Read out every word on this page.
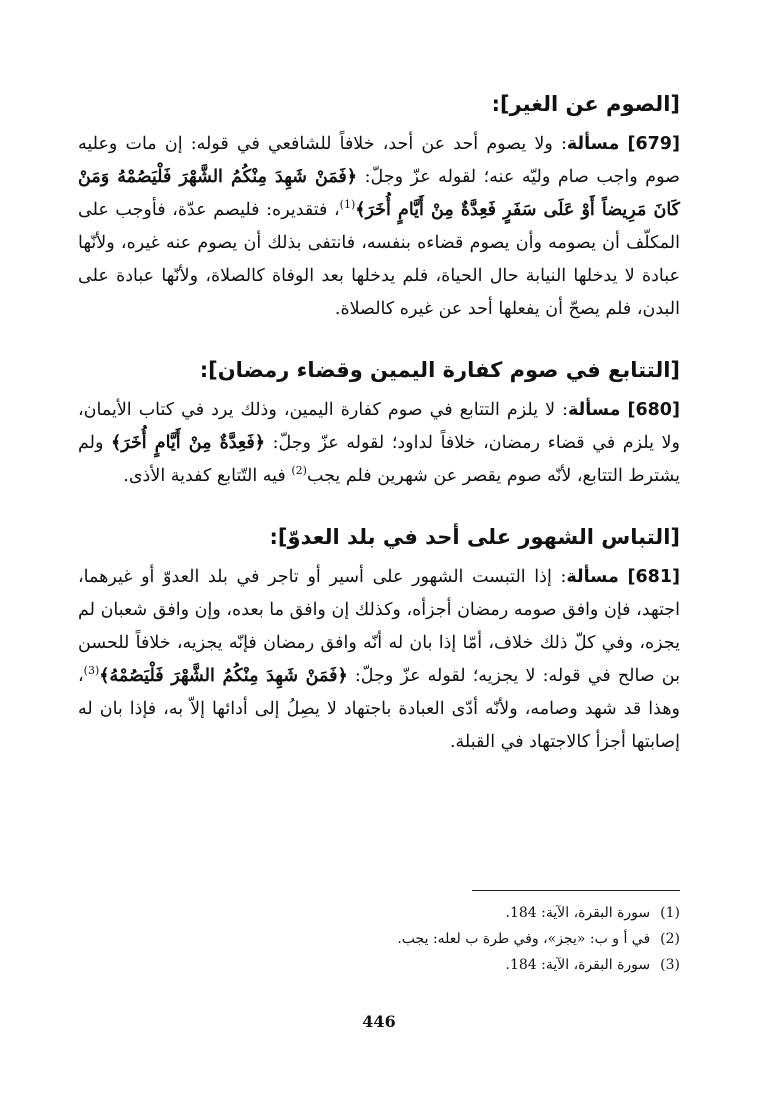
[الصوم عن الغير]:

[679] مسألة: ولا يصوم أحد عن أحد، خلافاً للشافعي في قوله: إن مات وعليه صوم واجب صام وليّه عنه؛ لقوله عزّ وجلّ: ﴿فَمَنْ شَهِدَ مِنْكُمُ الشَّهْرَ فَلْيَصُمْهُ وَمَنْ كَانَ مَرِيضاً أَوْ عَلَى سَفَرٍ فَعِدَّةٌ مِنْ أَيَّامٍ أُخَرَ﴾$^{(1)}$، فتقديره: فليصم عدّة، فأوجب على المكلّف أن يصومه وأن يصوم قضاءه بنفسه، فانتفى بذلك أن يصوم عنه غيره، ولأنّها عبادة لا يدخلها النيابة حال الحياة، فلم يدخلها بعد الوفاة كالصلاة، ولأنّها عبادة على البدن، فلم يصحّ أن يفعلها أحد عن غيره كالصلاة.

[التتابع في صوم كفارة اليمين وقضاء رمضان]:

[680] مسألة: لا يلزم التتابع في صوم كفارة اليمين، وذلك يرد في كتاب الأيمان، ولا يلزم في قضاء رمضان، خلافاً لداود؛ لقوله عزّ وجلّ: ﴿فَعِدَّةٌ مِنْ أَيَّامٍ أُخَرَ﴾ ولم يشترط التتابع، لأنّه صوم يقصر عن شهرين فلم يجب$^{(2)}$ فيه التّتابع كفدية الأذى.

[التباس الشهور على أحد في بلد العدوّ]:

[681] مسألة: إذا التبست الشهور على أسير أو تاجر في بلد العدوّ أو غيرهما، اجتهد، فإن وافق صومه رمضان أجزأه، وكذلك إن وافق ما بعده، وإن وافق شعبان لم يجزه، وفي كلّ ذلك خلاف، أمّا إذا بان له أنّه وافق رمضان فإنّه يجزيه، خلافاً للحسن بن صالح في قوله: لا يجزيه؛ لقوله عزّ وجلّ: ﴿فَمَنْ شَهِدَ مِنْكُمُ الشَّهْرَ فَلْيَصُمْهُ﴾$^{(3)}$، وهذا قد شهد وصامه، ولأنّه أدّى العبادة باجتهاد لا يصِلُ إلى أدائها إلاّ به، فإذا بان له إصابتها أجزأ كالاجتهاد في القبلة.

(1)سورة البقرة، الآية: 184.
(2)في أ و ب: «يجز»، وفي طرة ب لعله: يجب.
(3)سورة البقرة، الآية: 184.
446
